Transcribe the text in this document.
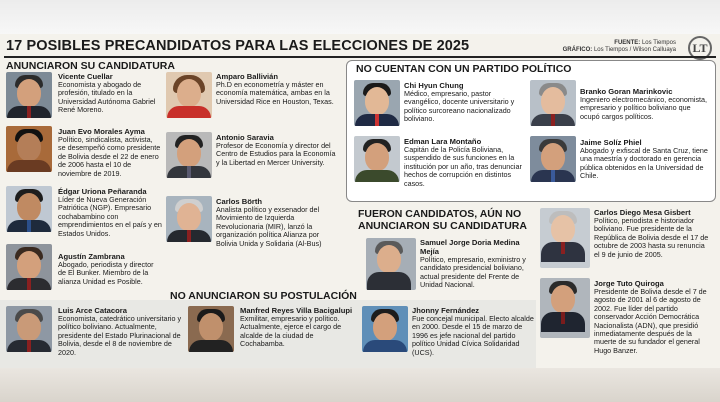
17 POSIBLES PRECANDIDATOS PARA LAS ELECCIONES DE 2025	FUENTE: Los Tiempos
GRÁFICO: Los Tiempos / Wilson Calluaya	LT
ANUNCIARON SU CANDIDATURA	NO CUENTAN CON UN PARTIDO POLÍTICO
FUERON CANDIDATOS, AÚN NO
ANUNCIARON SU CANDIDATURA
NO ANUNCIARON SU POSTULACIÓN
Vicente Cuellar
Economista y abogado de profesión, titulado en la Universidad Autónoma Gabriel René Moreno.
Juan Evo Morales Ayma
Político, sindicalista, activista, se desempeñó como presidente de Bolivia desde el 22 de enero de 2006 hasta el 10 de noviembre de 2019.
Édgar Uriona Peñaranda
Líder de Nueva Generación Patriótica (NGP). Empresario cochabambino con emprendimientos en el país y en Estados Unidos.
Agustín Zambrana
Abogado, periodista y director de El Bunker. Miembro de la alianza Unidad es Posible.
Amparo Ballivián
Ph.D en econometría y máster en economía matemática, ambas en la Universidad Rice en Houston, Texas.
Antonio Saravia
Profesor de Economía y director del Centro de Estudios para la Economía y la Libertad en Mercer University.
Carlos Börth
Analista político y exsenador del Movimiento de Izquierda Revolucionaria (MIR), lanzó la organización política Alianza por Bolivia Unida y Solidaria (Al-Bus)
Chi Hyun Chung
Médico, empresario, pastor evangélico, docente universitario y político surcoreano nacionalizado boliviano.
Edman Lara Montaño
Capitán de la Policía Boliviana, suspendido de sus funciones en la institución por un año, tras denunciar hechos de corrupción en distintos casos.
Branko Goran Marinkovic
Ingeniero electromecánico, economista, empresario y político boliviano que ocupó cargos políticos.
Jaime Solíz Phiel
Abogado y exfiscal de Santa Cruz, tiene una maestría y doctorado en gerencia pública obtenidos en la Universidad de Chile.
Samuel Jorge Doria Medina Mejía
Político, empresario, exministro y candidato presidencial boliviano, actual presidente del Frente de Unidad Nacional.
Carlos Diego Mesa Gisbert
Político, periodista e historiador boliviano. Fue presidente de la República de Bolivia desde el 17 de octubre de 2003 hasta su renuncia el 9 de junio de 2005.
Jorge Tuto Quiroga
Presidente de Bolivia desde el 7 de agosto de 2001 al 6 de agosto de 2002. Fue líder del partido conservador Acción Democrática Nacionalista (ADN), que presidió inmediatamente después de la muerte de su fundador el general Hugo Banzer.
Luis Arce Catacora
Economista, catedrático universitario y político boliviano. Actualmente, presidente del Estado Plurinacional de Bolivia, desde el 8 de noviembre de 2020.
Manfred Reyes Villa Bacigalupi
Exmilitar, empresario y político. Actualmente, ejerce el cargo de alcalde de la ciudad de Cochabamba.
Jhonny Fernández
Fue concejal municipal. Electo alcalde en 2000. Desde el 15 de marzo de 1996 es jefe nacional del partido político Unidad Cívica Solidaridad (UCS).
